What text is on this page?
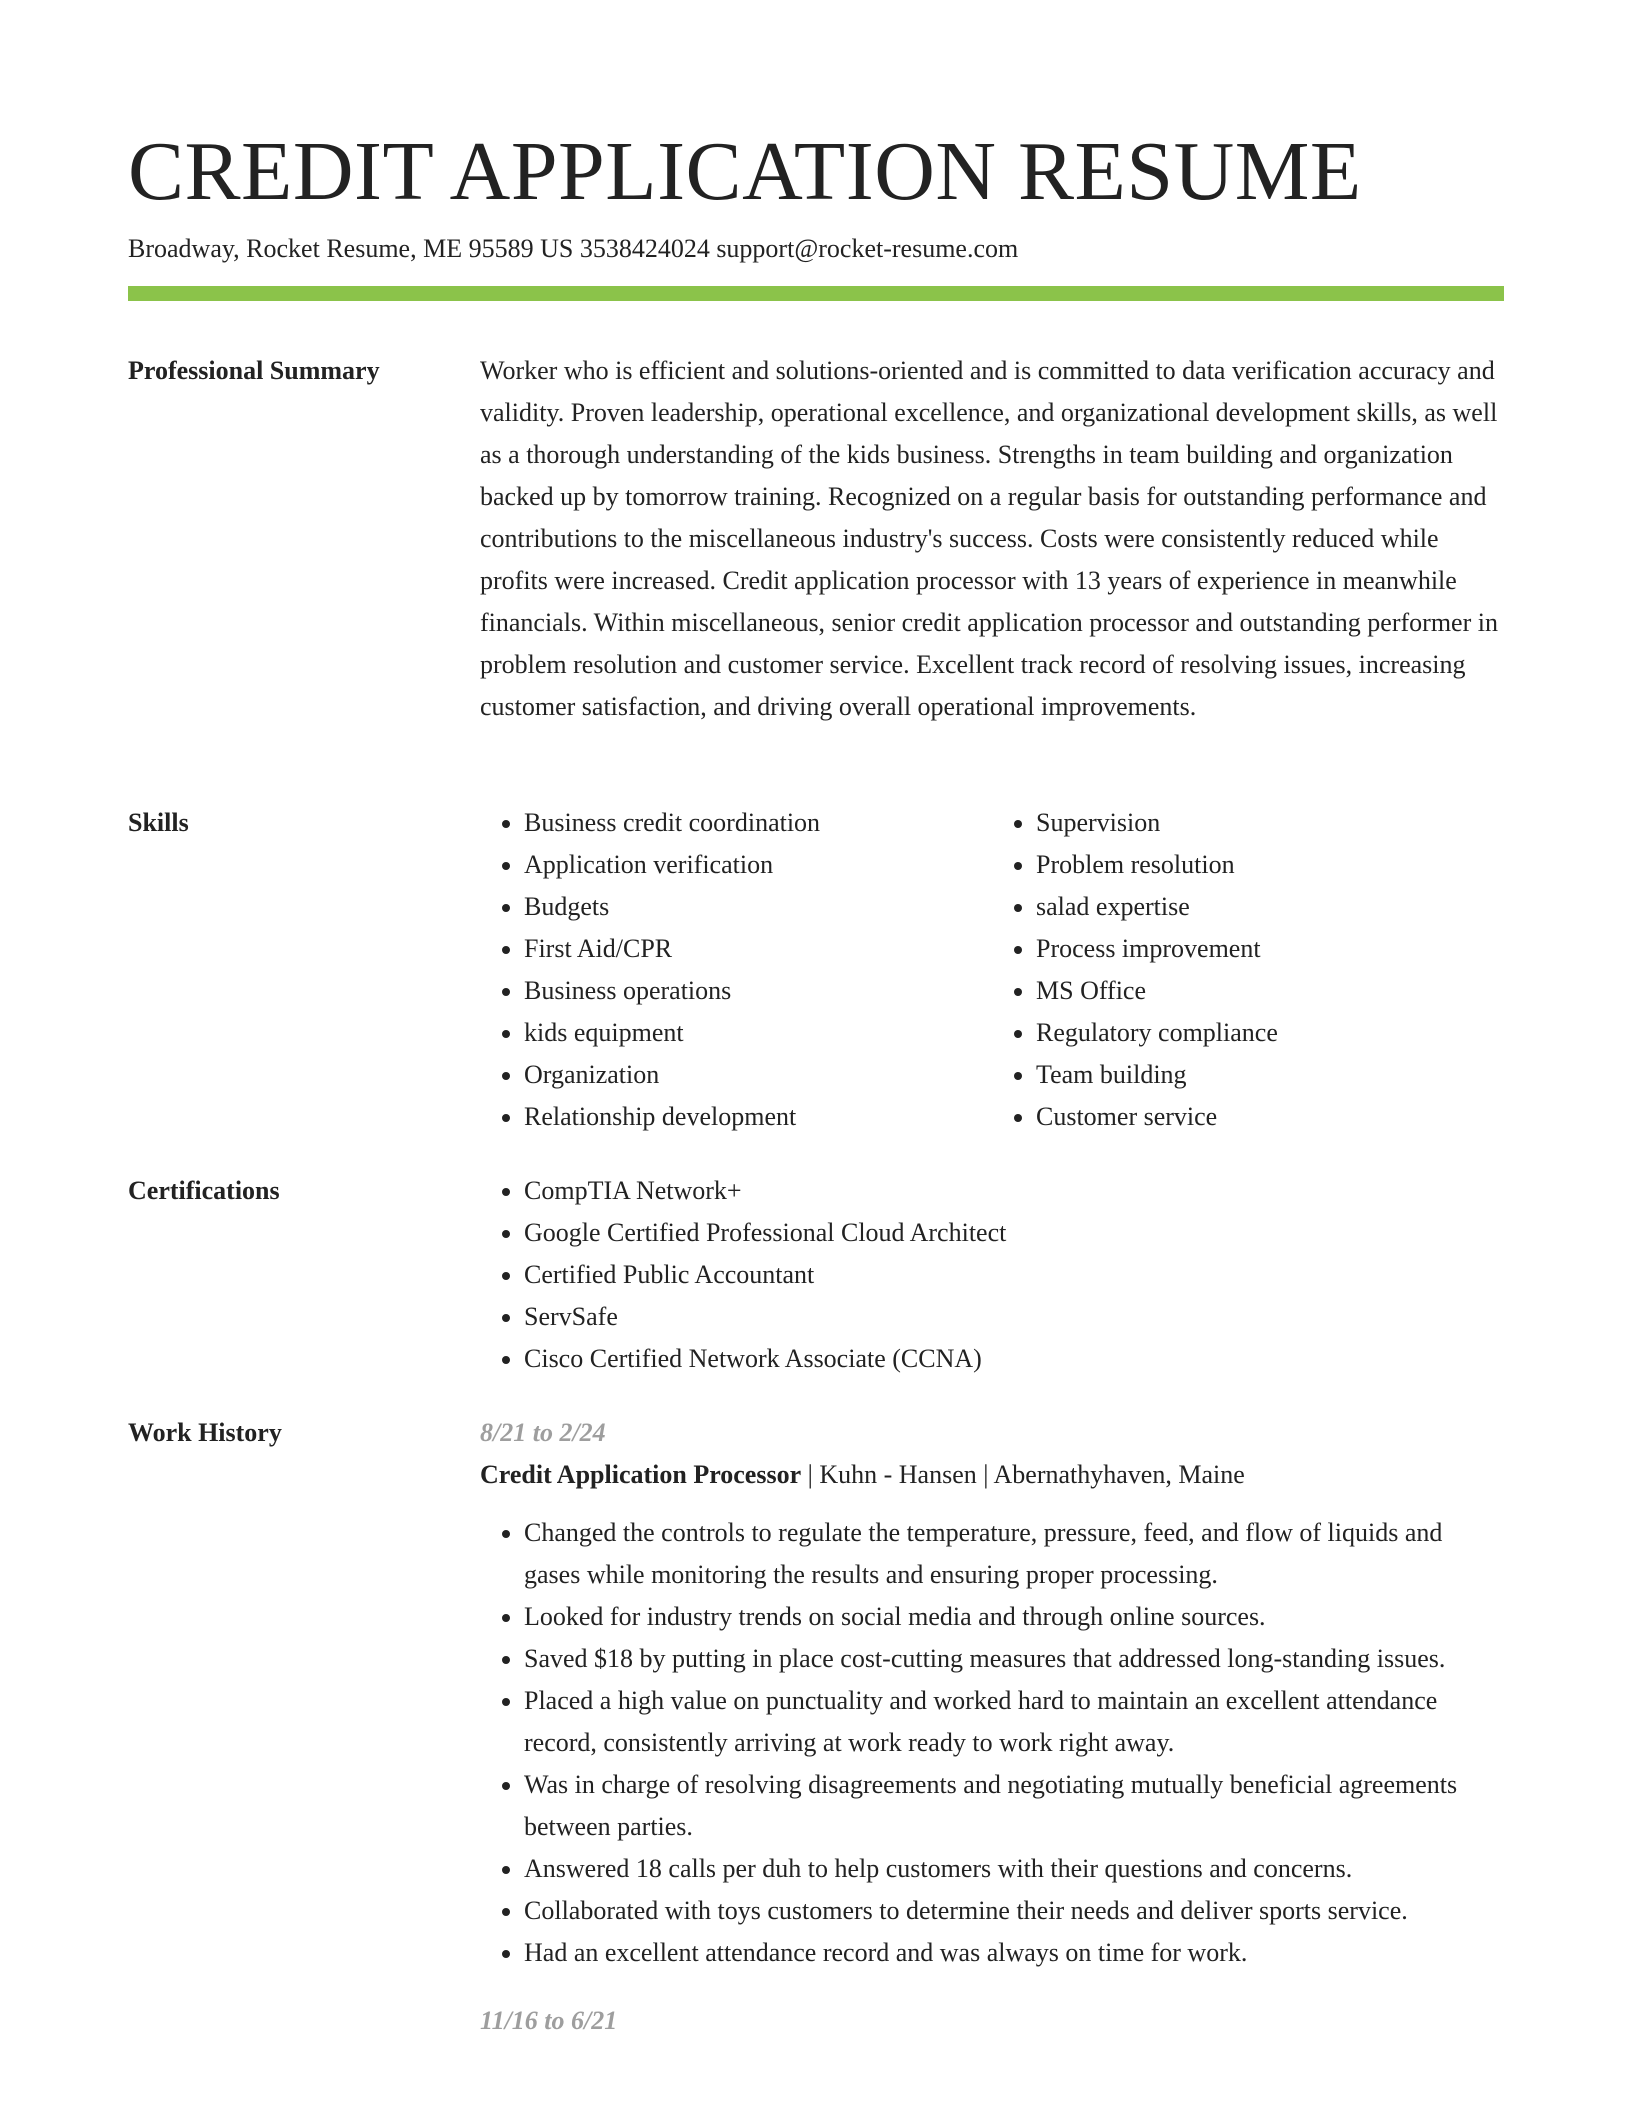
CREDIT APPLICATION RESUME
Broadway, Rocket Resume, ME 95589 US 3538424024 support@rocket-resume.com
Professional Summary	Worker who is efficient and solutions-oriented and is committed to data verification accuracy and validity. Proven leadership, operational excellence, and organizational development skills, as well as a thorough understanding of the kids business. Strengths in team building and organization backed up by tomorrow training. Recognized on a regular basis for outstanding performance and contributions to the miscellaneous industry's success. Costs were consistently reduced while profits were increased. Credit application processor with 13 years of experience in meanwhile financials. Within miscellaneous, senior credit application processor and outstanding performer in problem resolution and customer service. Excellent track record of resolving issues, increasing customer satisfaction, and driving overall operational improvements.

Skills	• Business credit coordination
• Application verification
• Budgets
• First Aid/CPR
• Business operations
• kids equipment
• Organization
• Relationship development
• Supervision
• Problem resolution
• salad expertise
• Process improvement
• MS Office
• Regulatory compliance
• Team building
• Customer service
Certifications	• CompTIA Network+
• Google Certified Professional Cloud Architect
• Certified Public Accountant
• ServSafe
• Cisco Certified Network Associate (CCNA)
Work History	8/21 to 2/24
Credit Application Processor | Kuhn - Hansen | Abernathyhaven, Maine
• Changed the controls to regulate the temperature, pressure, feed, and flow of liquids and gases while monitoring the results and ensuring proper processing.
• Looked for industry trends on social media and through online sources.
• Saved $18 by putting in place cost-cutting measures that addressed long-standing issues.
• Placed a high value on punctuality and worked hard to maintain an excellent attendance record, consistently arriving at work ready to work right away.
• Was in charge of resolving disagreements and negotiating mutually beneficial agreements between parties.
• Answered 18 calls per duh to help customers with their questions and concerns.
• Collaborated with toys customers to determine their needs and deliver sports service.
• Had an excellent attendance record and was always on time for work.
11/16 to 6/21
